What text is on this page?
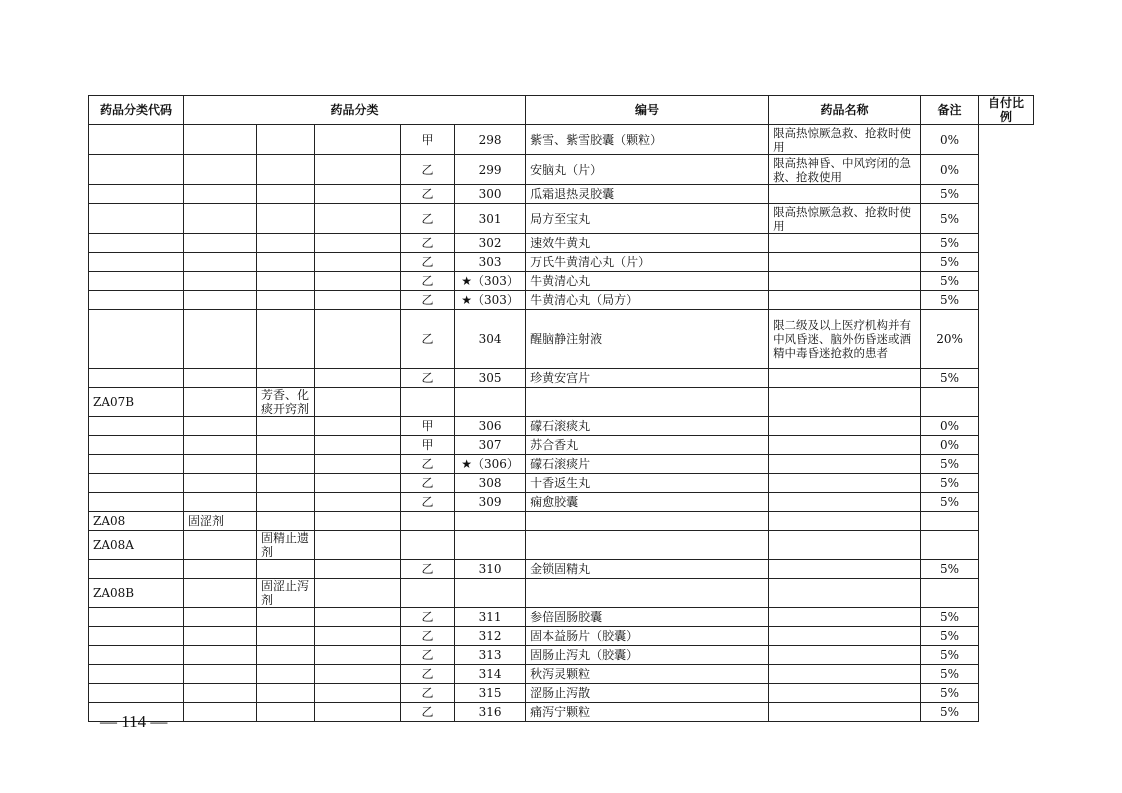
药品分类代码	药品分类					编号	药品名称	备注	自付比例
				甲	298	紫雪、紫雪胶囊（颗粒）	限高热惊厥急救、抢救时使用	0%	
				乙	299	安脑丸（片）	限高热神昏、中风窍闭的急救、抢救使用	0%	
				乙	300	瓜霜退热灵胶囊		5%	
				乙	301	局方至宝丸	限高热惊厥急救、抢救时使用	5%	
				乙	302	速效牛黄丸		5%	
				乙	303	万氏牛黄清心丸（片）		5%	
				乙	★（303）	牛黄清心丸		5%	
				乙	★（303）	牛黄清心丸（局方）		5%	
				乙	304	醒脑静注射液	限二级及以上医疗机构并有中风昏迷、脑外伤昏迷或酒精中毒昏迷抢救的患者	20%	
				乙	305	珍黄安宫片		5%	
ZA07B		芳香、化痰开窍剂							
				甲	306	礞石滚痰丸		0%	
				甲	307	苏合香丸		0%	
				乙	★（306）	礞石滚痰片		5%	
				乙	308	十香返生丸		5%	
				乙	309	痫愈胶囊		5%	
ZA08	固涩剂								
ZA08A		固精止遗剂							
				乙	310	金锁固精丸		5%	
ZA08B		固涩止泻剂							
				乙	311	参倍固肠胶囊		5%	
				乙	312	固本益肠片（胶囊）		5%	
				乙	313	固肠止泻丸（胶囊）		5%	
				乙	314	秋泻灵颗粒		5%	
				乙	315	涩肠止泻散		5%	
				乙	316	痛泻宁颗粒		5%	
— 114 —
